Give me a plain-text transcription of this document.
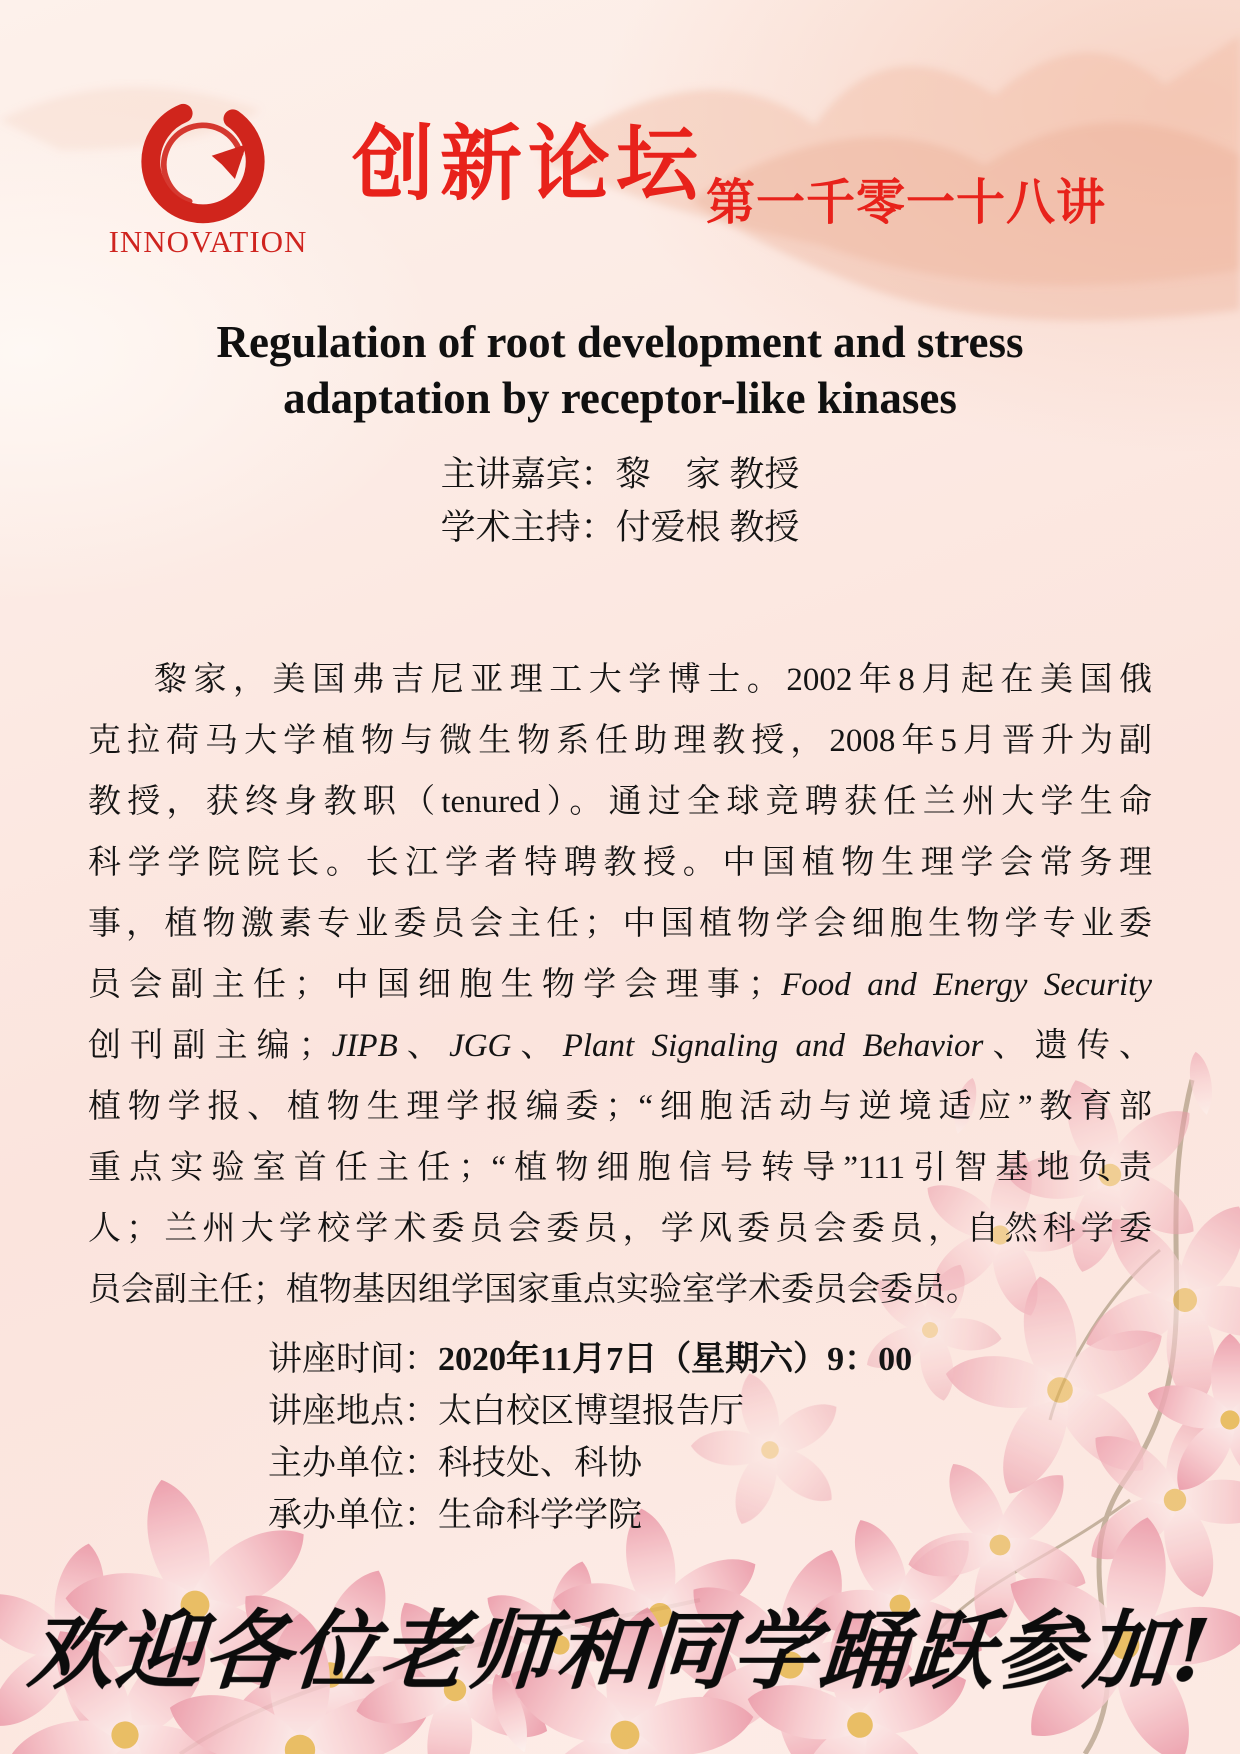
INNOVATION
创新论坛 第一千零一十八讲
Regulation of root development and stress
adaptation by receptor-like kinases
主讲嘉宾：黎　家 教授
学术主持：付爱根 教授
黎家，美国弗吉尼亚理工大学博士。2002年8月起在美国俄
克拉荷马大学植物与微生物系任助理教授，2008年5月晋升为副
教授，获终身教职（tenured）。通过全球竞聘获任兰州大学生命
科学学院院长。长江学者特聘教授。中国植物生理学会常务理
事，植物激素专业委员会主任；中国植物学会细胞生物学专业委
员会副主任；中国细胞生物学会理事；Food and Energy Security
创刊副主编；JIPB、JGG、Plant Signaling and Behavior、遗传、
植物学报、植物生理学报编委；“细胞活动与逆境适应”教育部
重点实验室首任主任；“植物细胞信号转导”111引智基地负责
人；兰州大学校学术委员会委员，学风委员会委员，自然科学委
员会副主任；植物基因组学国家重点实验室学术委员会委员。
讲座时间：2020年11月7日（星期六）9：00
讲座地点：太白校区博望报告厅
主办单位：科技处、科协
承办单位：生命科学学院
欢迎各位老师和同学踊跃参加!
